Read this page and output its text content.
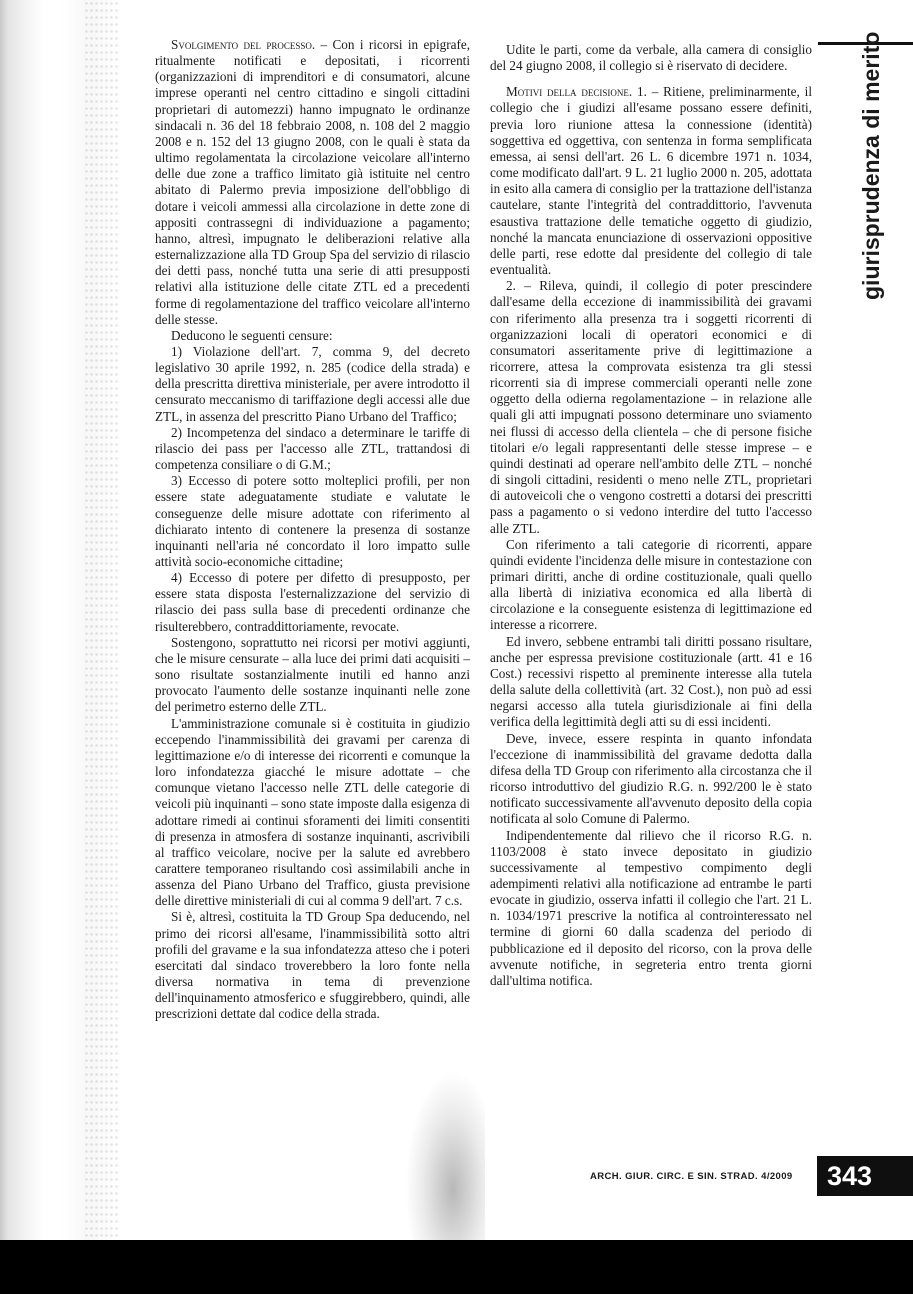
Svolgimento del processo. – Con i ricorsi in epigrafe, ritualmente notificati e depositati, i ricorrenti (organizzazioni di imprenditori e di consumatori, alcune imprese operanti nel centro cittadino e singoli cittadini proprietari di automezzi) hanno impugnato le ordinanze sindacali n. 36 del 18 febbraio 2008, n. 108 del 2 maggio 2008 e n. 152 del 13 giugno 2008, con le quali è stata da ultimo regolamentata la circolazione veicolare all'interno delle due zone a traffico limitato già istituite nel centro abitato di Palermo previa imposizione dell'obbligo di dotare i veicoli ammessi alla circolazione in dette zone di appositi contrassegni di individuazione a pagamento; hanno, altresì, impugnato le deliberazioni relative alla esternalizzazione alla TD Group Spa del servizio di rilascio dei detti pass, nonché tutta una serie di atti presupposti relativi alla istituzione delle citate ZTL ed a precedenti forme di regolamentazione del traffico veicolare all'interno delle stesse.

Deducono le seguenti censure:

1) Violazione dell'art. 7, comma 9, del decreto legislativo 30 aprile 1992, n. 285 (codice della strada) e della prescritta direttiva ministeriale, per avere introdotto il censurato meccanismo di tariffazione degli accessi alle due ZTL, in assenza del prescritto Piano Urbano del Traffico;

2) Incompetenza del sindaco a determinare le tariffe di rilascio dei pass per l'accesso alle ZTL, trattandosi di competenza consiliare o di G.M.;

3) Eccesso di potere sotto molteplici profili, per non essere state adeguatamente studiate e valutate le conseguenze delle misure adottate con riferimento al dichiarato intento di contenere la presenza di sostanze inquinanti nell'aria né concordato il loro impatto sulle attività socio-economiche cittadine;

4) Eccesso di potere per difetto di presupposto, per essere stata disposta l'esternalizzazione del servizio di rilascio dei pass sulla base di precedenti ordinanze che risulterebbero, contraddittoriamente, revocate.

Sostengono, soprattutto nei ricorsi per motivi aggiunti, che le misure censurate – alla luce dei primi dati acquisiti – sono risultate sostanzialmente inutili ed hanno anzi provocato l'aumento delle sostanze inquinanti nelle zone del perimetro esterno delle ZTL.

L'amministrazione comunale si è costituita in giudizio eccependo l'inammissibilità dei gravami per carenza di legittimazione e/o di interesse dei ricorrenti e comunque la loro infondatezza giacché le misure adottate – che comunque vietano l'accesso nelle ZTL delle categorie di veicoli più inquinanti – sono state imposte dalla esigenza di adottare rimedi ai continui sforamenti dei limiti consentiti di presenza in atmosfera di sostanze inquinanti, ascrivibili al traffico veicolare, nocive per la salute ed avrebbero carattere temporaneo risultando così assimilabili anche in assenza del Piano Urbano del Traffico, giusta previsione delle direttive ministeriali di cui al comma 9 dell'art. 7 c.s.

Si è, altresì, costituita la TD Group Spa deducendo, nel primo dei ricorsi all'esame, l'inammissibilità sotto altri profili del gravame e la sua infondatezza atteso che i poteri esercitati dal sindaco troverebbero la loro fonte nella diversa normativa in tema di prevenzione dell'inquinamento atmosferico e sfuggirebbero, quindi, alle prescrizioni dettate dal codice della strada.

Udite le parti, come da verbale, alla camera di consiglio del 24 giugno 2008, il collegio si è riservato di decidere.

Motivi della decisione. 1. – Ritiene, preliminarmente, il collegio che i giudizi all'esame possano essere definiti, previa loro riunione attesa la connessione (identità) soggettiva ed oggettiva, con sentenza in forma semplificata emessa, ai sensi dell'art. 26 L. 6 dicembre 1971 n. 1034, come modificato dall'art. 9 L. 21 luglio 2000 n. 205, adottata in esito alla camera di consiglio per la trattazione dell'istanza cautelare, stante l'integrità del contraddittorio, l'avvenuta esaustiva trattazione delle tematiche oggetto di giudizio, nonché la mancata enunciazione di osservazioni oppositive delle parti, rese edotte dal presidente del collegio di tale eventualità.

2. – Rileva, quindi, il collegio di poter prescindere dall'esame della eccezione di inammissibilità dei gravami con riferimento alla presenza tra i soggetti ricorrenti di organizzazioni locali di operatori economici e di consumatori asseritamente prive di legittimazione a ricorrere, attesa la comprovata esistenza tra gli stessi ricorrenti sia di imprese commerciali operanti nelle zone oggetto della odierna regolamentazione – in relazione alle quali gli atti impugnati possono determinare uno sviamento nei flussi di accesso della clientela – che di persone fisiche titolari e/o legali rappresentanti delle stesse imprese – e quindi destinati ad operare nell'ambito delle ZTL – nonché di singoli cittadini, residenti o meno nelle ZTL, proprietari di autoveicoli che o vengono costretti a dotarsi dei prescritti pass a pagamento o si vedono interdire del tutto l'accesso alle ZTL.

Con riferimento a tali categorie di ricorrenti, appare quindi evidente l'incidenza delle misure in contestazione con primari diritti, anche di ordine costituzionale, quali quello alla libertà di iniziativa economica ed alla libertà di circolazione e la conseguente esistenza di legittimazione ed interesse a ricorrere.

Ed invero, sebbene entrambi tali diritti possano risultare, anche per espressa previsione costituzionale (artt. 41 e 16 Cost.) recessivi rispetto al preminente interesse alla tutela della salute della collettività (art. 32 Cost.), non può ad essi negarsi accesso alla tutela giurisdizionale ai fini della verifica della legittimità degli atti su di essi incidenti.

Deve, invece, essere respinta in quanto infondata l'eccezione di inammissibilità del gravame dedotta dalla difesa della TD Group con riferimento alla circostanza che il ricorso introduttivo del giudizio R.G. n. 992/200 le è stato notificato successivamente all'avvenuto deposito della copia notificata al solo Comune di Palermo.

Indipendentemente dal rilievo che il ricorso R.G. n. 1103/2008 è stato invece depositato in giudizio successivamente al tempestivo compimento degli adempimenti relativi alla notificazione ad entrambe le parti evocate in giudizio, osserva infatti il collegio che l'art. 21 L. n. 1034/1971 prescrive la notifica al controinteressato nel termine di giorni 60 dalla scadenza del periodo di pubblicazione ed il deposito del ricorso, con la prova delle avvenute notifiche, in segreteria entro trenta giorni dall'ultima notifica.

giurisprudenza di merito
ARCH. GIUR. CIRC. E SIN. STRAD. 4/2009	343
